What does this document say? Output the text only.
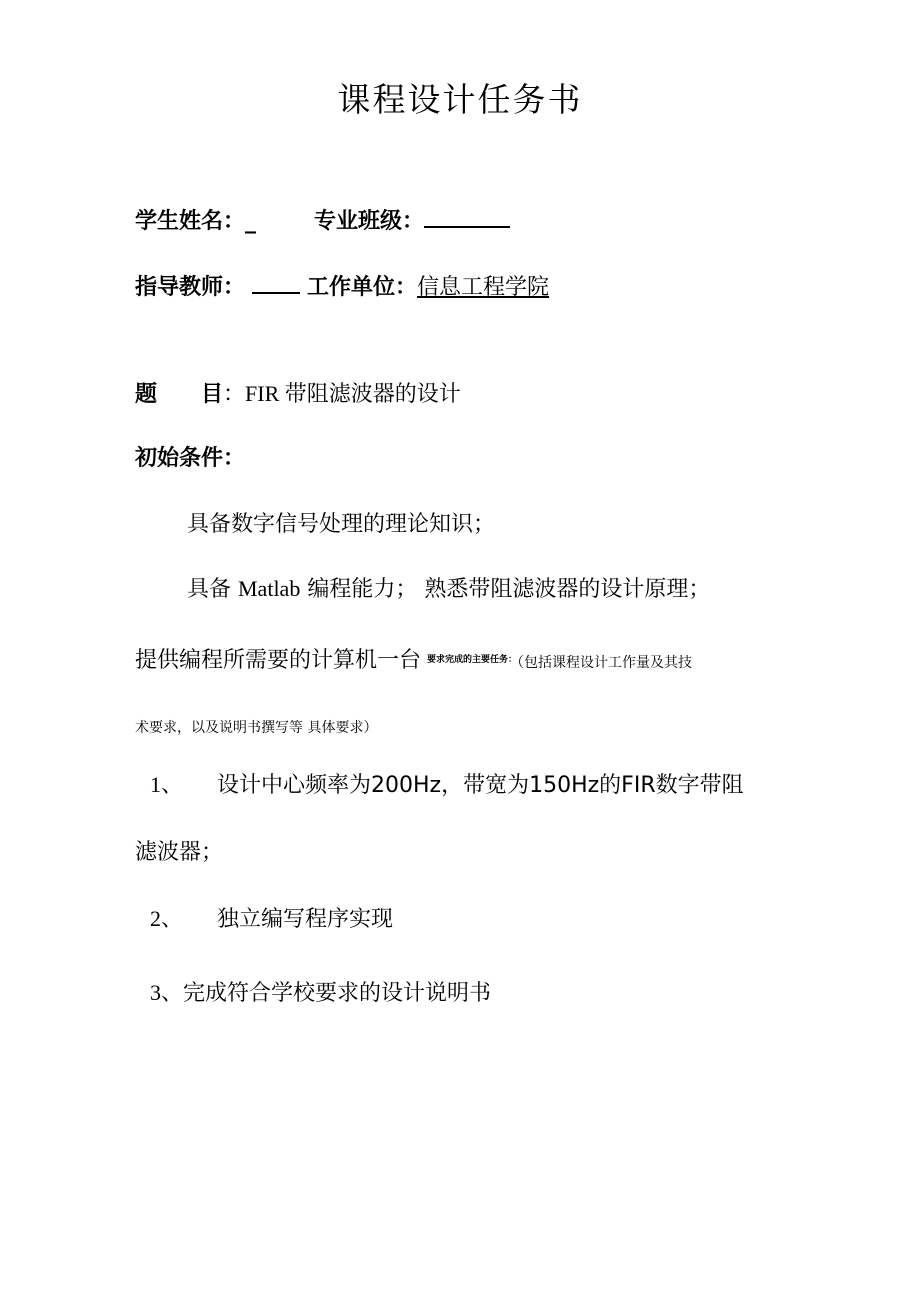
课程设计任务书
学生姓名：_	专业班级：
指导教师：	工作单位：信息工程学院
题 目：FIR 带阻滤波器的设计
初始条件：
具备数字信号处理的理论知识；
具备 Matlab 编程能力； 熟悉带阻滤波器的设计原理；
提供编程所需要的计算机一台 $^{要求完成的主要任务:}$（包括课程设计工作量及其技
术要求，以及说明书撰写等 具体要求）
1、 设计中心频率为200Hz，带宽为150Hz的FIR数字带阻
滤波器；
2、 独立编写程序实现
3、完成符合学校要求的设计说明书
